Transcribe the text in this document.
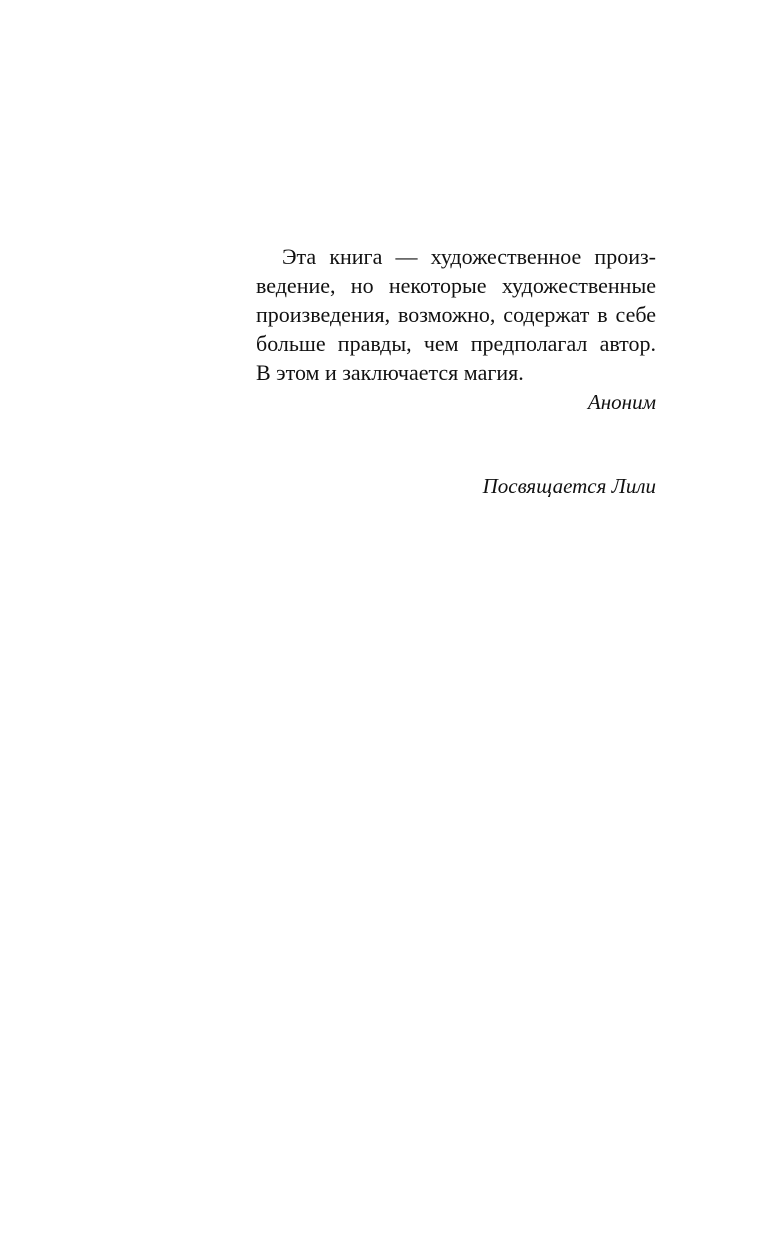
Эта книга — художественное произ-
ведение, но некоторые художественные
произведения, возможно, содержат в себе
больше правды, чем предполагал автор.
В этом и заключается магия.
Аноним
Посвящается Лили
